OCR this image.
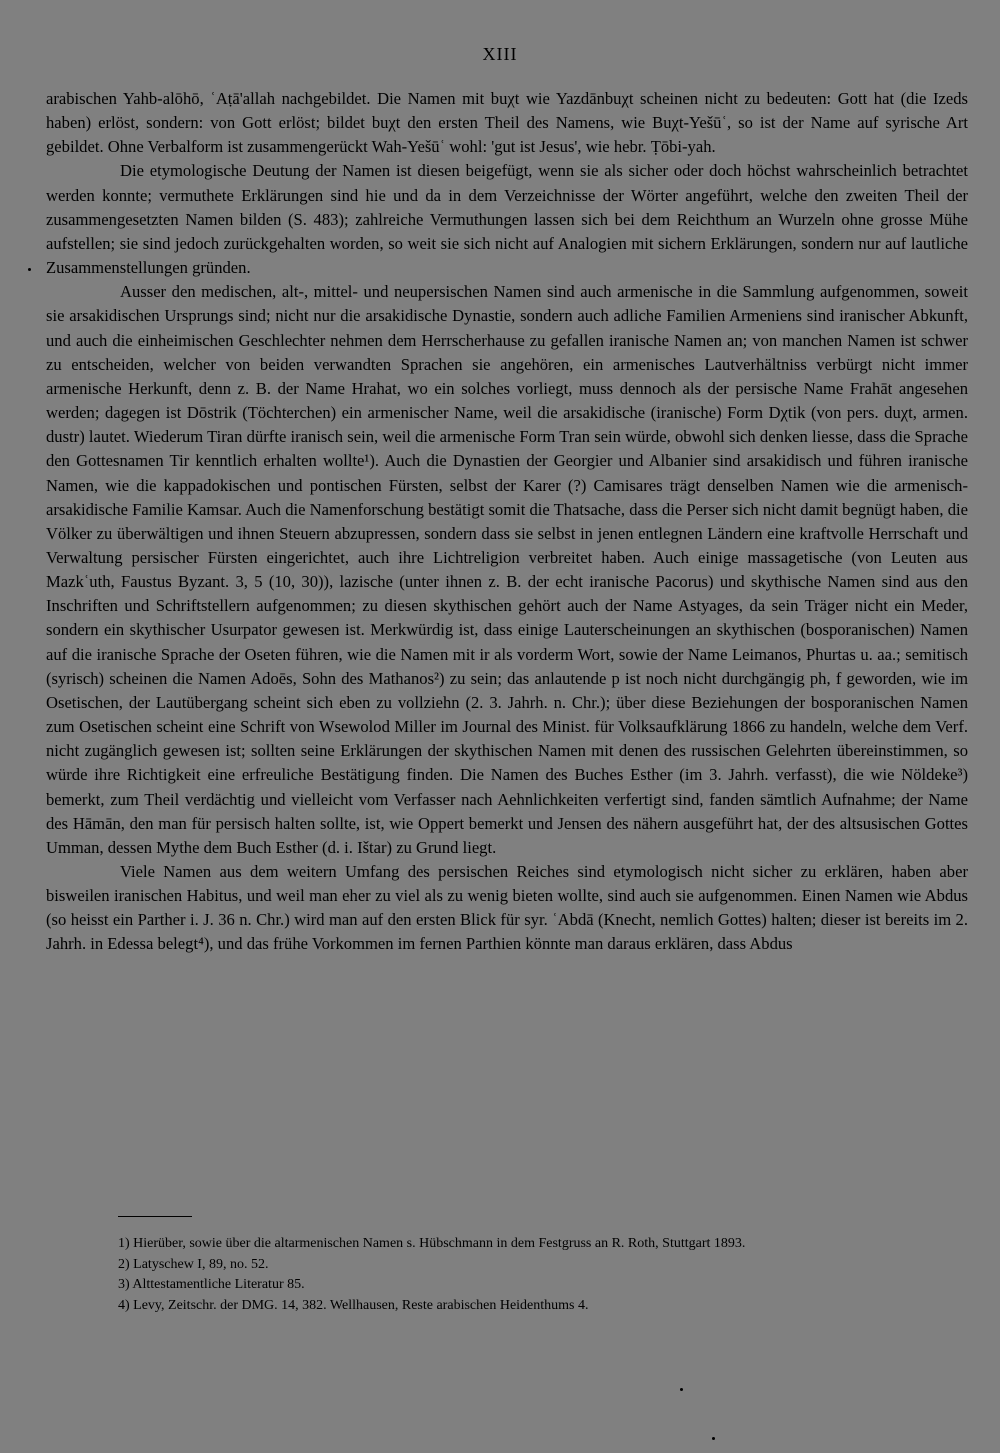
XIII

arabischen Yahb-alōhō, ʿAṭā'allah nachgebildet. Die Namen mit buχt wie Yazdānbuχt scheinen nicht zu bedeuten: Gott hat (die Izeds haben) erlöst, sondern: von Gott erlöst; bildet buχt den ersten Theil des Namens, wie Buχt-Yešūʿ, so ist der Name auf syrische Art gebildet. Ohne Verbalform ist zusammengerückt Wah-Yešūʿ wohl: 'gut ist Jesus', wie hebr. Ṭōbi-yah.

Die etymologische Deutung der Namen ist diesen beigefügt, wenn sie als sicher oder doch höchst wahrscheinlich betrachtet werden konnte; vermuthete Erklärungen sind hie und da in dem Verzeichnisse der Wörter angeführt, welche den zweiten Theil der zusammengesetzten Namen bilden (S. 483); zahlreiche Vermuthungen lassen sich bei dem Reichthum an Wurzeln ohne grosse Mühe aufstellen; sie sind jedoch zurückgehalten worden, so weit sie sich nicht auf Analogien mit sichern Erklärungen, sondern nur auf lautliche Zusammenstellungen gründen.

Ausser den medischen, alt-, mittel- und neupersischen Namen sind auch armenische in die Sammlung aufgenommen, soweit sie arsakidischen Ursprungs sind; nicht nur die arsakidische Dynastie, sondern auch adliche Familien Armeniens sind iranischer Abkunft, und auch die einheimischen Geschlechter nehmen dem Herrscherhause zu gefallen iranische Namen an; von manchen Namen ist schwer zu entscheiden, welcher von beiden verwandten Sprachen sie angehören, ein armenisches Lautverhältniss verbürgt nicht immer armenische Herkunft, denn z. B. der Name Hrahat, wo ein solches vorliegt, muss dennoch als der persische Name Frahāt angesehen werden; dagegen ist Dōstrik (Töchterchen) ein armenischer Name, weil die arsakidische (iranische) Form Dχtik (von pers. duχt, armen. dustr) lautet. Wiederum Tiran dürfte iranisch sein, weil die armenische Form Tran sein würde, obwohl sich denken liesse, dass die Sprache den Gottesnamen Tir kenntlich erhalten wollte¹). Auch die Dynastien der Georgier und Albanier sind arsakidisch und führen iranische Namen, wie die kappadokischen und pontischen Fürsten, selbst der Karer (?) Camisares trägt denselben Namen wie die armenisch-arsakidische Familie Kamsar. Auch die Namenforschung bestätigt somit die Thatsache, dass die Perser sich nicht damit begnügt haben, die Völker zu überwältigen und ihnen Steuern abzupressen, sondern dass sie selbst in jenen entlegnen Ländern eine kraftvolle Herrschaft und Verwaltung persischer Fürsten eingerichtet, auch ihre Lichtreligion verbreitet haben. Auch einige massagetische (von Leuten aus Mazkʿuth, Faustus Byzant. 3, 5 (10, 30)), lazische (unter ihnen z. B. der echt iranische Pacorus) und skythische Namen sind aus den Inschriften und Schriftstellern aufgenommen; zu diesen skythischen gehört auch der Name Astyages, da sein Träger nicht ein Meder, sondern ein skythischer Usurpator gewesen ist. Merkwürdig ist, dass einige Lauterscheinungen an skythischen (bosporanischen) Namen auf die iranische Sprache der Oseten führen, wie die Namen mit ir als vorderm Wort, sowie der Name Leimanos, Phurtas u. aa.; semitisch (syrisch) scheinen die Namen Adoēs, Sohn des Mathanos²) zu sein; das anlautende p ist noch nicht durchgängig ph, f geworden, wie im Osetischen, der Lautübergang scheint sich eben zu vollziehn (2. 3. Jahrh. n. Chr.); über diese Beziehungen der bosporanischen Namen zum Osetischen scheint eine Schrift von Wsewolod Miller im Journal des Minist. für Volksaufklärung 1866 zu handeln, welche dem Verf. nicht zugänglich gewesen ist; sollten seine Erklärungen der skythischen Namen mit denen des russischen Gelehrten übereinstimmen, so würde ihre Richtigkeit eine erfreuliche Bestätigung finden. Die Namen des Buches Esther (im 3. Jahrh. verfasst), die wie Nöldeke³) bemerkt, zum Theil verdächtig und vielleicht vom Verfasser nach Aehnlichkeiten verfertigt sind, fanden sämtlich Aufnahme; der Name des Hāmān, den man für persisch halten sollte, ist, wie Oppert bemerkt und Jensen des nähern ausgeführt hat, der des altsusischen Gottes Umman, dessen Mythe dem Buch Esther (d. i. Ištar) zu Grund liegt.

Viele Namen aus dem weitern Umfang des persischen Reiches sind etymologisch nicht sicher zu erklären, haben aber bisweilen iranischen Habitus, und weil man eher zu viel als zu wenig bieten wollte, sind auch sie aufgenommen. Einen Namen wie Abdus (so heisst ein Parther i. J. 36 n. Chr.) wird man auf den ersten Blick für syr. ʿAbdā (Knecht, nemlich Gottes) halten; dieser ist bereits im 2. Jahrh. in Edessa belegt⁴), und das frühe Vorkommen im fernen Parthien könnte man daraus erklären, dass Abdus

1) Hierüber, sowie über die altarmenischen Namen s. Hübschmann in dem Festgruss an R. Roth, Stuttgart 1893.
2) Latyschew I, 89, no. 52.
3) Alttestamentliche Literatur 85.
4) Levy, Zeitschr. der DMG. 14, 382. Wellhausen, Reste arabischen Heidenthums 4.
